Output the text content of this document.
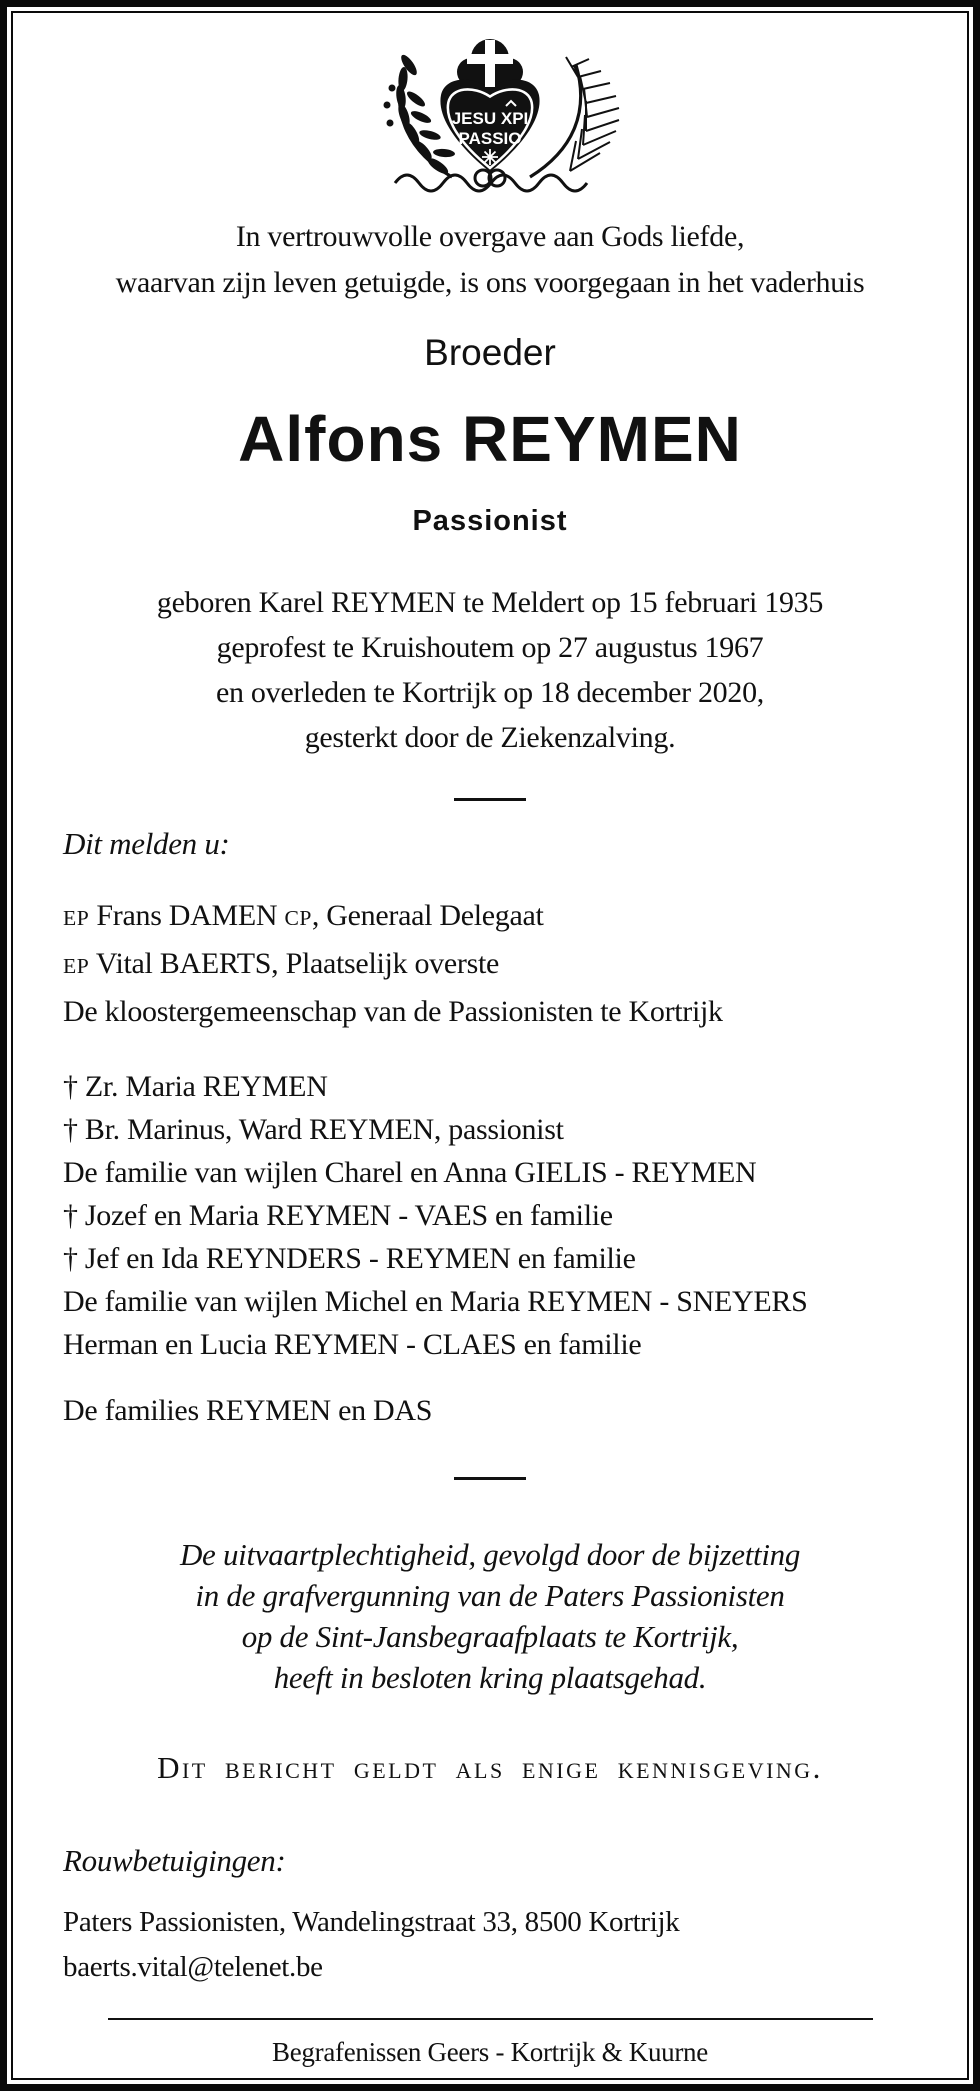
JESU XPI
PASSIO
In vertrouwvolle overgave aan Gods liefde,
waarvan zijn leven getuigde, is ons voorgegaan in het vaderhuis
Broeder
Alfons REYMEN
Passionist
geboren Karel REYMEN te Meldert op 15 februari 1935
geprofest te Kruishoutem op 27 augustus 1967
en overleden te Kortrijk op 18 december 2020,
gesterkt door de Ziekenzalving.
Dit melden u:
EP Frans DAMEN CP, Generaal Delegaat
EP Vital BAERTS, Plaatselijk overste
De kloostergemeenschap van de Passionisten te Kortrijk
† Zr. Maria REYMEN
† Br. Marinus, Ward REYMEN, passionist
De familie van wijlen Charel en Anna GIELIS - REYMEN
† Jozef en Maria REYMEN - VAES en familie
† Jef en Ida REYNDERS - REYMEN en familie
De familie van wijlen Michel en Maria REYMEN - SNEYERS
Herman en Lucia REYMEN - CLAES en familie
De families REYMEN en DAS
De uitvaartplechtigheid, gevolgd door de bijzetting
in de grafvergunning van de Paters Passionisten
op de Sint-Jansbegraafplaats te Kortrijk,
heeft in besloten kring plaatsgehad.
Dit bericht geldt als enige kennisgeving.
Rouwbetuigingen:
Paters Passionisten, Wandelingstraat 33, 8500 Kortrijk
baerts.vital@telenet.be
Begrafenissen Geers - Kortrijk & Kuurne
